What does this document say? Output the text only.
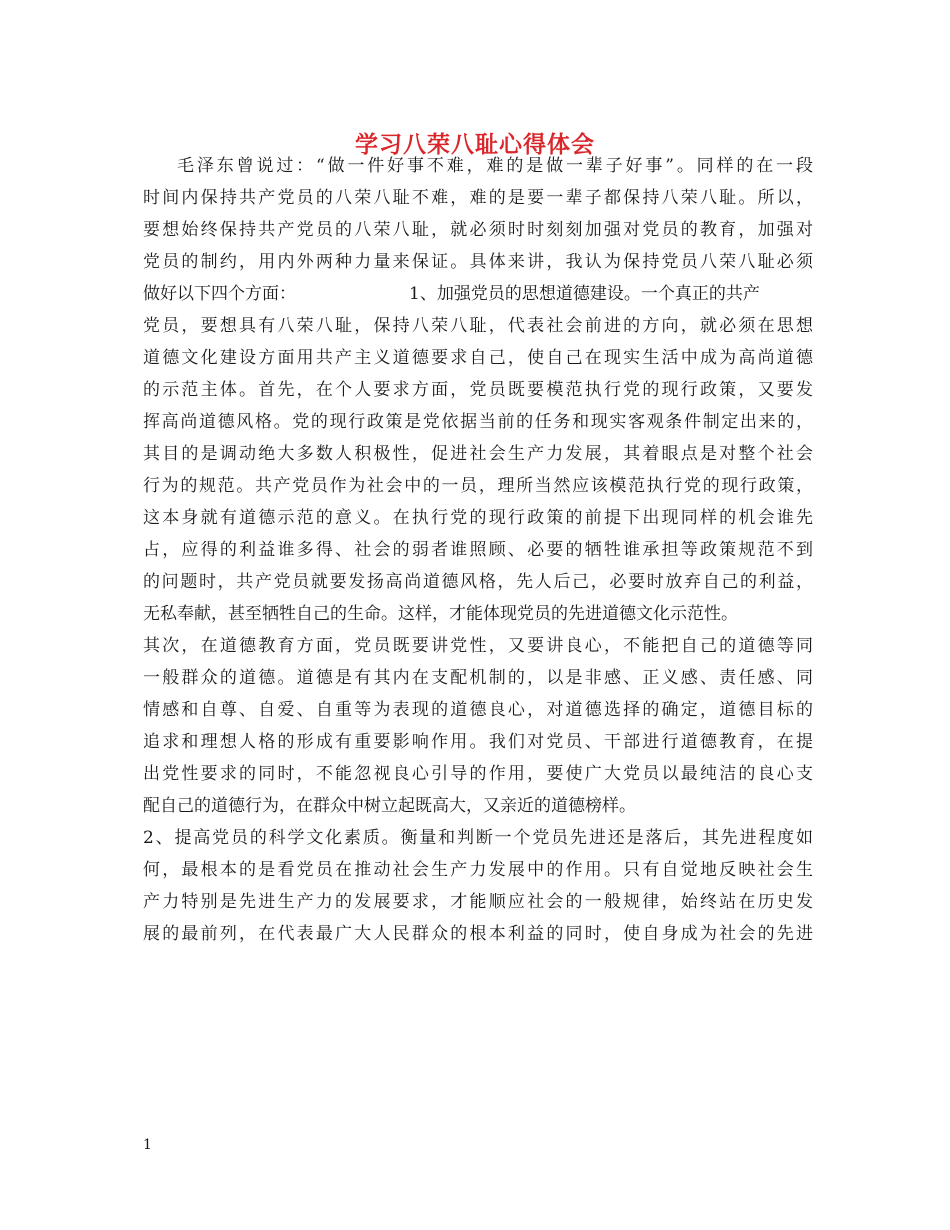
学习八荣八耻心得体会
毛泽东曾说过：“做一件好事不难，难的是做一辈子好事”。同样的在一段
时间内保持共产党员的八荣八耻不难，难的是要一辈子都保持八荣八耻。所以，
要想始终保持共产党员的八荣八耻，就必须时时刻刻加强对党员的教育，加强对
党员的制约，用内外两种力量来保证。具体来讲，我认为保持党员八荣八耻必须
做好以下四个方面：	1、加强党员的思想道德建设。一个真正的共产
党员，要想具有八荣八耻，保持八荣八耻，代表社会前进的方向，就必须在思想
道德文化建设方面用共产主义道德要求自己，使自己在现实生活中成为高尚道德
的示范主体。首先，在个人要求方面，党员既要模范执行党的现行政策，又要发
挥高尚道德风格。党的现行政策是党依据当前的任务和现实客观条件制定出来的，
其目的是调动绝大多数人积极性，促进社会生产力发展，其着眼点是对整个社会
行为的规范。共产党员作为社会中的一员，理所当然应该模范执行党的现行政策，
这本身就有道德示范的意义。在执行党的现行政策的前提下出现同样的机会谁先
占，应得的利益谁多得、社会的弱者谁照顾、必要的牺牲谁承担等政策规范不到
的问题时，共产党员就要发扬高尚道德风格，先人后己，必要时放弃自己的利益，
无私奉献，甚至牺牲自己的生命。这样，才能体现党员的先进道德文化示范性。
其次，在道德教育方面，党员既要讲党性，又要讲良心，不能把自己的道德等同
一般群众的道德。道德是有其内在支配机制的，以是非感、正义感、责任感、同
情感和自尊、自爱、自重等为表现的道德良心，对道德选择的确定，道德目标的
追求和理想人格的形成有重要影响作用。我们对党员、干部进行道德教育，在提
出党性要求的同时，不能忽视良心引导的作用，要使广大党员以最纯洁的良心支
配自己的道德行为，在群众中树立起既高大，又亲近的道德榜样。
2、提高党员的科学文化素质。衡量和判断一个党员先进还是落后，其先进程度如
何，最根本的是看党员在推动社会生产力发展中的作用。只有自觉地反映社会生
产力特别是先进生产力的发展要求，才能顺应社会的一般规律，始终站在历史发
展的最前列，在代表最广大人民群众的根本利益的同时，使自身成为社会的先进
1
